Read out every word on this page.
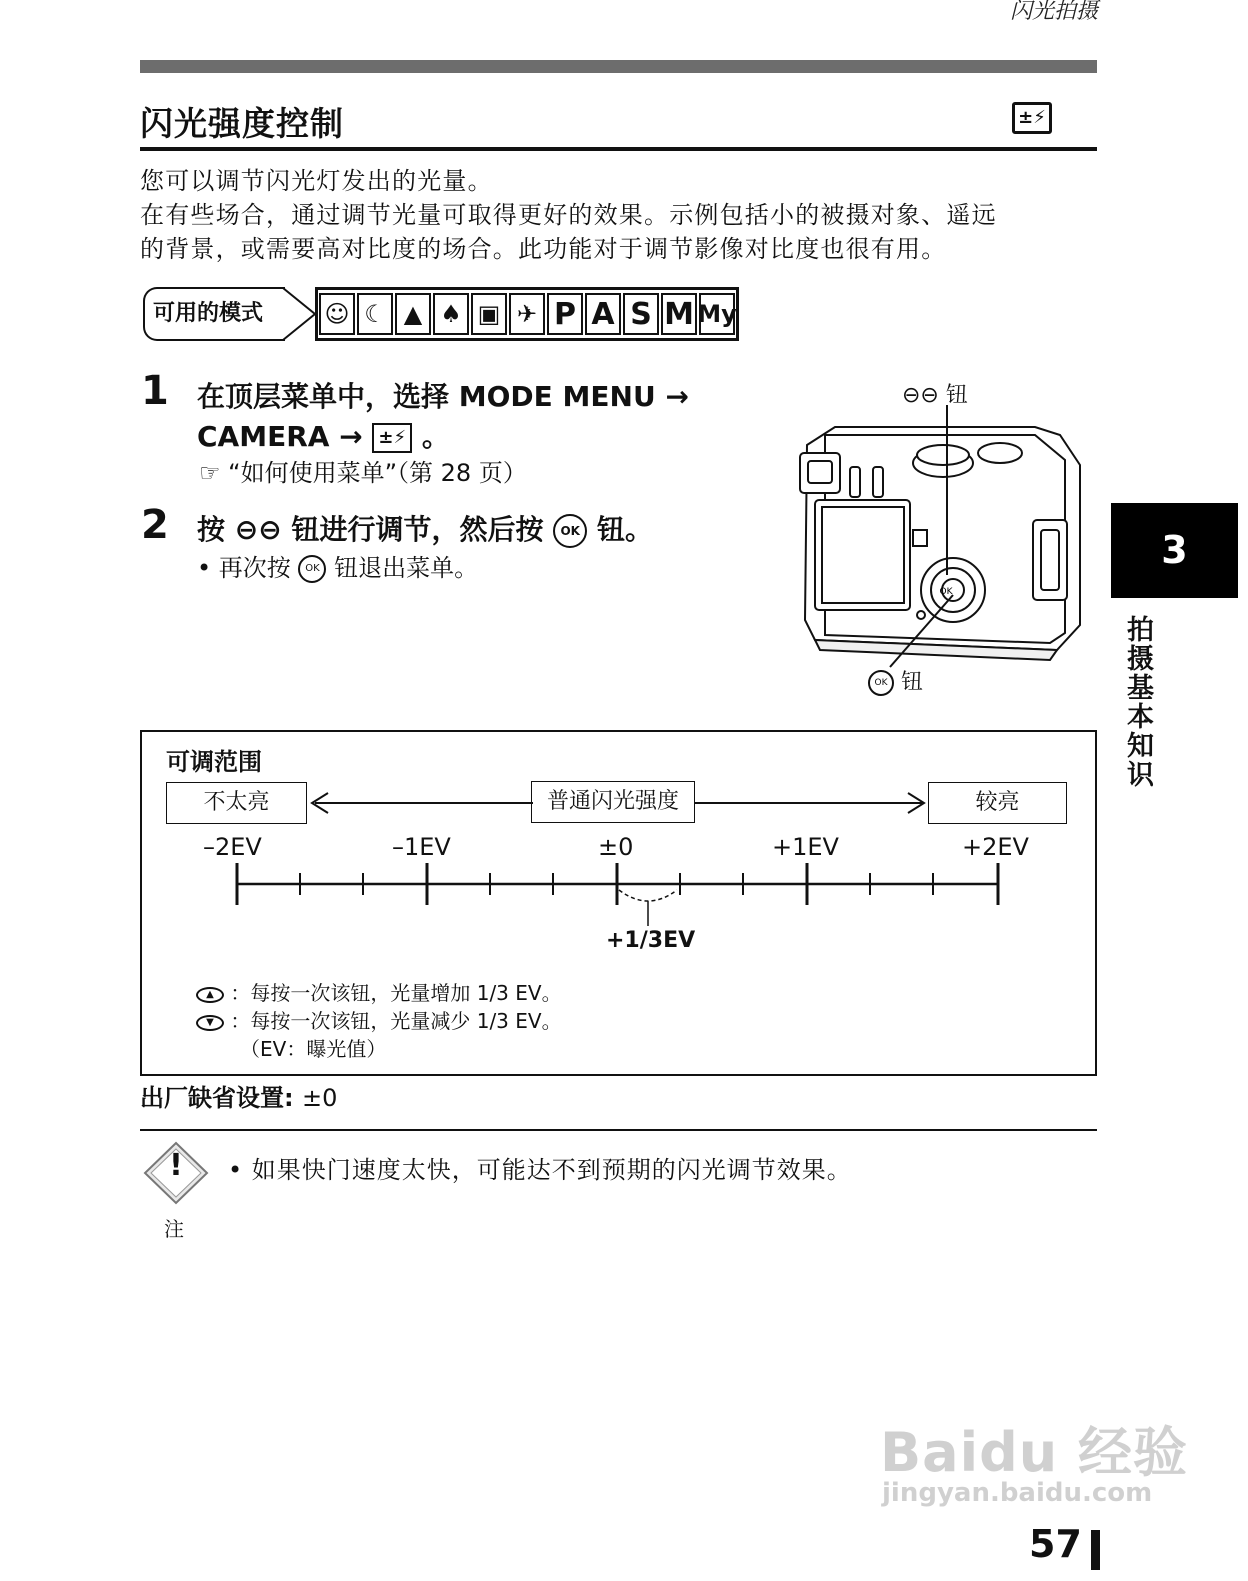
闪光拍摄
闪光强度控制	±⚡
您可以调节闪光灯发出的光量。
在有些场合，通过调节光量可取得更好的效果。示例包括小的被摄对象、遥远
的背景，或需要高对比度的场合。此功能对于调节影像对比度也很有用。
可用的模式	☺ ☾ ▲ ♠ ▣ ✈ P A S M My
1 在顶层菜单中，选择 MODE MENU →
CAMERA → ±⚡ 。
☞ “如何使用菜单”（第 28 页）
2 按 ⊖⊖ 钮进行调节，然后按 OK 钮。
• 再次按 OK 钮退出菜单。
⊖⊖ 钮
OK
OK 钮
3
拍摄基本知识
可调范围
不太亮	普通闪光强度	较亮
–2EV	–1EV	±0	+1EV	+2EV
+1/3EV
▲ ：每按一次该钮，光量增加 1/3 EV。
▼ ：每按一次该钮，光量减少 1/3 EV。
（EV：曝光值）
出厂缺省设置: ±0
! • 如果快门速度太快，可能达不到预期的闪光调节效果。
注
Baidu 经验
jingyan.baidu.com
57
